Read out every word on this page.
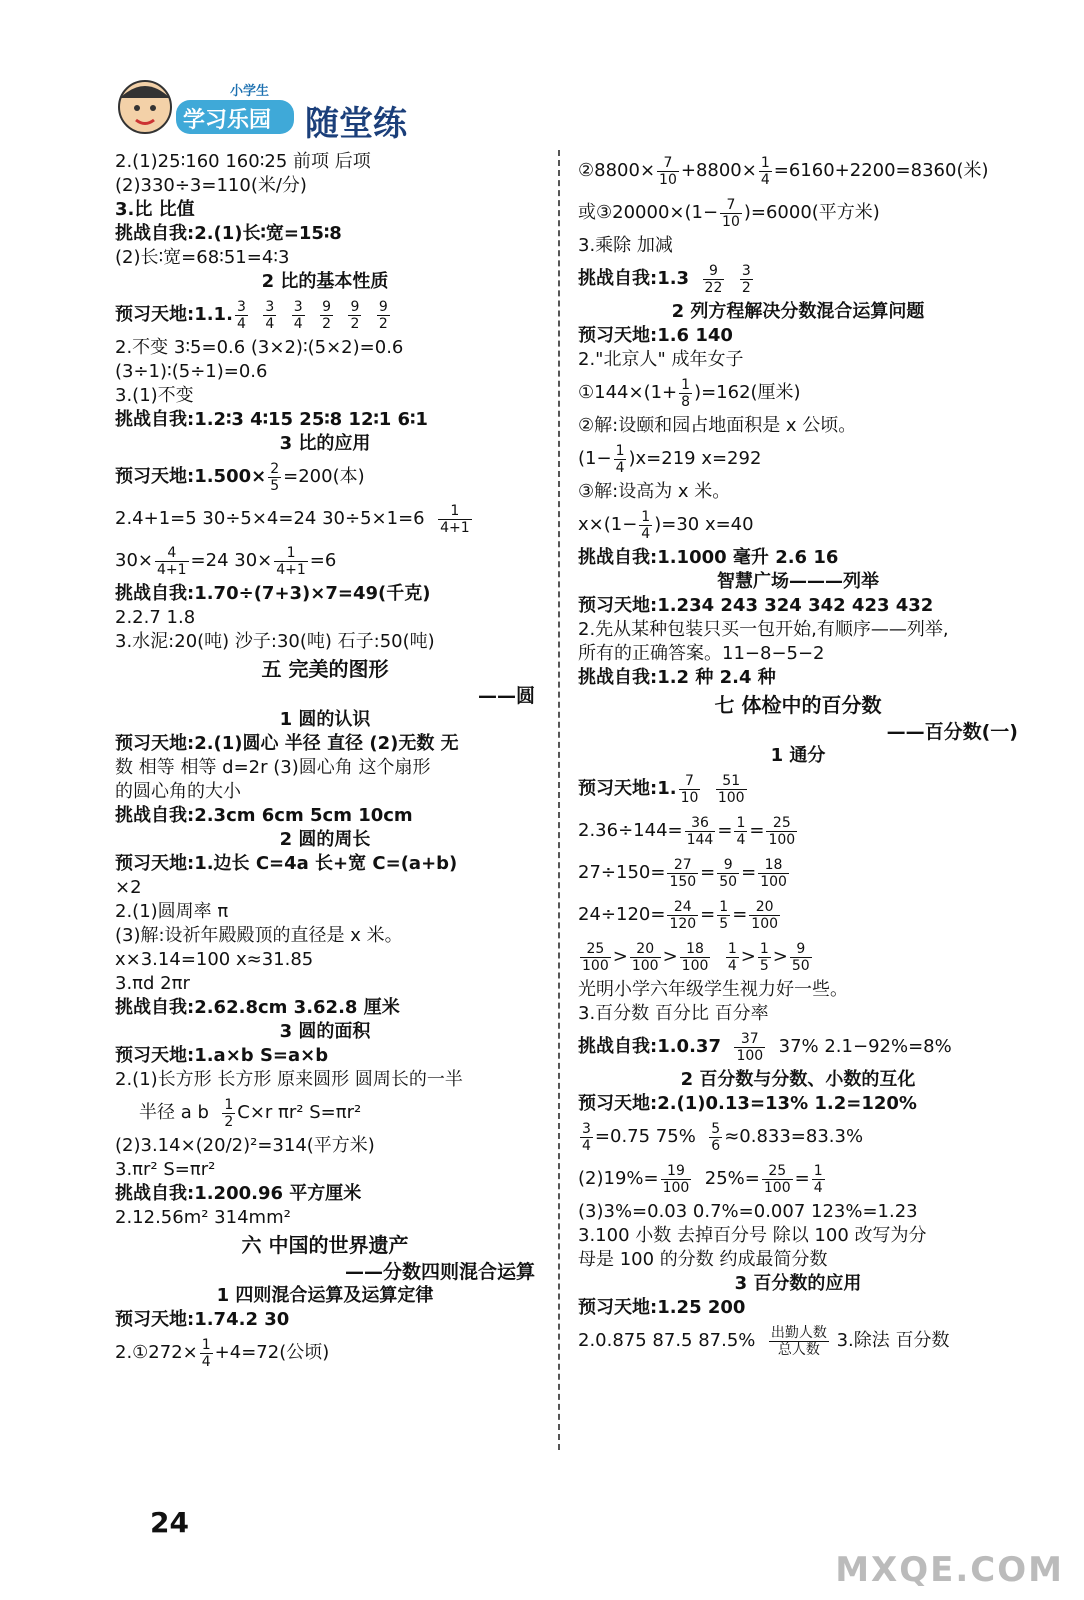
小学生
学习乐园 随堂练
2.(1)25∶160 160∶25 前项 后项
(2)330÷3=110(米/分)
3.比 比值
挑战自我:2.(1)长∶宽=15∶8
(2)长∶宽=68∶51=4∶3
2 比的基本性质
预习天地:1.1. $\frac{3}{4}$
$\frac{3}{4}$
$\frac{3}{4}$
$\frac{9}{2}$
$\frac{9}{2}$
$\frac{9}{2}$
2.不变 3∶5=0.6 (3×2)∶(5×2)=0.6
(3÷1)∶(5÷1)=0.6
3.(1)不变
挑战自我:1.2∶3 4∶15 25∶8 12∶1 6∶1
3 比的应用
预习天地:1.500× $\frac{2}{5} =200$(本)
2.4+1=5 30÷5×4=24 $30\div 5\times 1=6 \frac{1}{4+1}$
$30\times \frac{4}{4+1} =24$ $30\times \frac{1}{4+1} =6$
挑战自我:1.70÷(7+3)×7=49(千克)
2.2.7 1.8
3.水泥:20(吨) 沙子:30(吨) 石子:50(吨)
五 完美的图形
——圆
1 圆的认识
预习天地:2.(1)圆心 半径 直径 (2)无数 无
数 相等 相等 d=2r (3)圆心角 这个扇形
的圆心角的大小
挑战自我:2.3cm 6cm 5cm 10cm
2 圆的周长
预习天地:1.边长 C=4a 长+宽 C=(a+b)
×2
2.(1)圆周率 π
(3)解:设祈年殿殿顶的直径是 x 米。
x×3.14=100 x≈31.85
3.πd 2πr
挑战自我:2.62.8cm 3.62.8 厘米
3 圆的面积
预习天地:1.a×b S=a×b
2.(1)长方形 长方形 原来圆形 圆周长的一半
半径 a b $\frac{1}{2} C\times r$ πr² S=πr²
(2)3.14×(20/2)²=314(平方米)
3.πr² S=πr²
挑战自我:1.200.96 平方厘米
2.12.56m² 314mm²
六 中国的世界遗产
——分数四则混合运算
1 四则混合运算及运算定律
预习天地:1.74.2 30
2.①272× $\frac{1}{4} +4=72$(公顷)
②8800× $\frac{7}{10} +8800\times \frac{1}{4} =6160+2200=8360$(米)
或③20000×(1− $\frac{7}{10} )=6000$(平方米)
3.乘除 加减
挑战自我:1.3 $\frac{9}{22}$
$\frac{3}{2}$
2 列方程解决分数混合运算问题
预习天地:1.6 140
2."北京人" 成年女子
①144×(1+ $\frac{1}{8} )=162$(厘米)
②解:设颐和园占地面积是 x 公顷。
$(1- \frac{1}{4} )x=219$ x=292
③解:设高为 x 米。
$x\times(1- \frac{1}{4} )=30$ x=40
挑战自我:1.1000 毫升 2.6 16
智慧广场———列举
预习天地:1.234 243 324 342 423 432
2.先从某种包装只买一包开始,有顺序——列举,
所有的正确答案。11−8−5−2
挑战自我:1.2 种 2.4 种
七 体检中的百分数
——百分数(一)
1 通分
预习天地:1. $\frac{7}{10}$
$\frac{51}{100}$
$2.36\div 144= \frac{36}{144} = \frac{1}{4} = \frac{25}{100}$
$27\div 150= \frac{27}{150} = \frac{9}{50} = \frac{18}{100}$
$24\div 120= \frac{24}{120} = \frac{1}{5} = \frac{20}{100}$
$\frac{25}{100} > \frac{20}{100} > \frac{18}{100}$
$\frac{1}{4} > \frac{1}{5} > \frac{9}{50}$
光明小学六年级学生视力好一些。
3.百分数 百分比 百分率
挑战自我:1.0.37 $\frac{37}{100} 37\%$ 2.1−92%=8%
2 百分数与分数、小数的互化
预习天地:2.(1)0.13=13% 1.2=120%
$\frac{3}{4} =0.75$ $75\% \frac{5}{6} \approx 0.833=83.3\%$
$(2)19\%= \frac{19}{100} 25\%= \frac{25}{100} = \frac{1}{4}$
(3)3%=0.03 0.7%=0.007 123%=1.23
3.100 小数 去掉百分号 除以 100 改写为分
母是 100 的分数 约成最简分数
3 百分数的应用
预习天地:1.25 200
2.0.875 87.5 $87.5\% \frac{\text{出勤人数}}{\text{总人数}} 3$.除法 百分数
24
MXQE.COM
